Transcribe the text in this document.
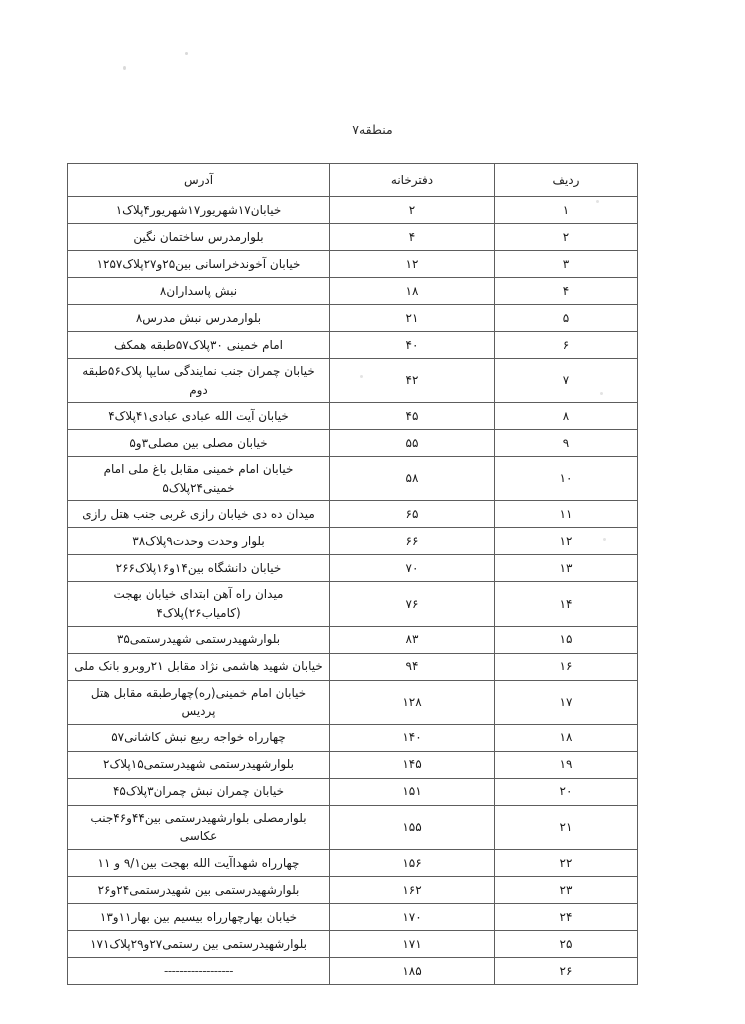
منطقه۷
ردیف	دفترخانه	آدرس
۱	۲	خیابان۱۷شهریور۱۷شهریور۴پلاک۱

۲	۴	بلوارمدرس ساختمان نگین

۳	۱۲	خیابان آخوندخراسانی بین۲۵و۲۷پلاک۱۲۵۷

۴	۱۸	نبش پاسداران۸

۵	۲۱	بلوارمدرس نبش مدرس۸

۶	۴۰	امام خمینی ۳۰پلاک۵۷طبقه همکف

۷	۴۲	خیابان چمران جنب نمایندگی سایپا پلاک۵۶طبقه دوم

۸	۴۵	خیابان آیت الله عبادی عبادی۴۱پلاک۴

۹	۵۵	خیابان مصلی بین مصلی۳و۵

۱۰	۵۸	خیابان امام خمینی مقابل باغ ملی امام خمینی۲۴پلاک۵

۱۱	۶۵	میدان ده دی خیابان رازی غربی جنب هتل رازی

۱۲	۶۶	بلوار وحدت وحدت۹پلاک۳۸

۱۳	۷۰	خیابان دانشگاه بین۱۴و۱۶پلاک۲۶۶

۱۴	۷۶	میدان راه آهن ابتدای خیابان بهجت
(کامیاب۲۶)پلاک۴

۱۵	۸۳	بلوارشهیدرستمی شهیدرستمی۳۵

۱۶	۹۴	خیابان شهید هاشمی نژاد مقابل ۲۱روبرو بانک ملی

۱۷	۱۲۸	خیابان امام خمینی(ره)چهارطبقه مقابل هتل پردیس

۱۸	۱۴۰	چهارراه خواجه ربیع نبش کاشانی۵۷

۱۹	۱۴۵	بلوارشهیدرستمی شهیدرستمی۱۵پلاک۲

۲۰	۱۵۱	خیابان چمران نبش چمران۳پلاک۴۵

۲۱	۱۵۵	بلوارمصلی بلوارشهیدرستمی بین۴۴و۴۶جنب عکاسی

۲۲	۱۵۶	چهارراه شهداآیت الله بهجت بین۹/۱ و ۱۱

۲۳	۱۶۲	بلوارشهیدرستمی بین شهیدرستمی۲۴و۲۶

۲۴	۱۷۰	خیابان بهارچهارراه بیسیم بین بهار۱۱و۱۳

۲۵	۱۷۱	بلوارشهیدرستمی بین رستمی۲۷و۲۹پلاک۱۷۱

۲۶	۱۸۵	------------------
